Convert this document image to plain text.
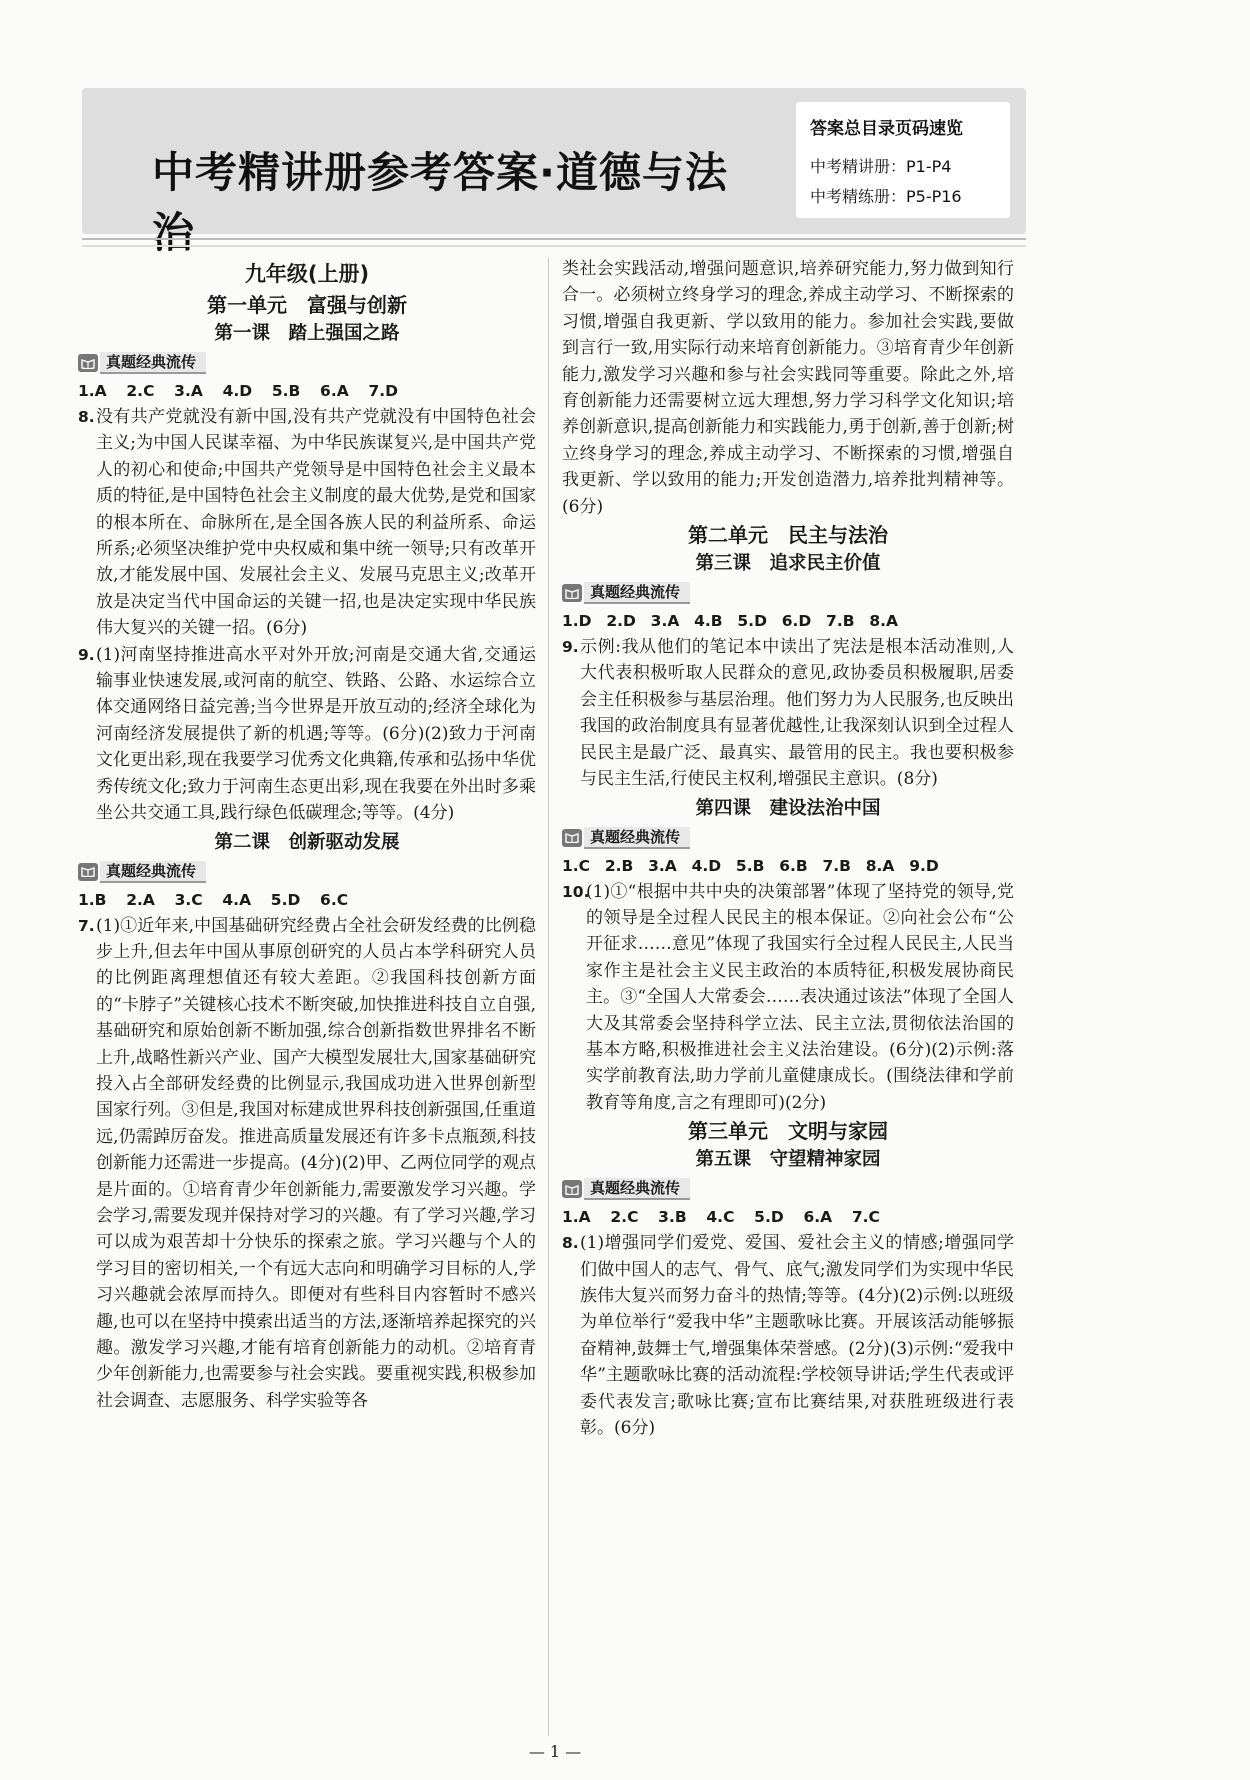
中考精讲册参考答案·道德与法治
答案总目录页码速览
中考精讲册：P1-P4
中考精练册：P5-P16
九年级(上册)
第一单元　富强与创新
第一课　踏上强国之路
真题经典流传

1.A 2.C 3.A 4.D 5.B 6.A 7.D

8. 没有共产党就没有新中国,没有共产党就没有中国特色社会主义;为中国人民谋幸福、为中华民族谋复兴,是中国共产党人的初心和使命;中国共产党领导是中国特色社会主义最本质的特征,是中国特色社会主义制度的最大优势,是党和国家的根本所在、命脉所在,是全国各族人民的利益所系、命运所系;必须坚决维护党中央权威和集中统一领导;只有改革开放,才能发展中国、发展社会主义、发展马克思主义;改革开放是决定当代中国命运的关键一招,也是决定实现中华民族伟大复兴的关键一招。(6分)

9. (1)河南坚持推进高水平对外开放;河南是交通大省,交通运输事业快速发展,或河南的航空、铁路、公路、水运综合立体交通网络日益完善;当今世界是开放互动的;经济全球化为河南经济发展提供了新的机遇;等等。(6分)(2)致力于河南文化更出彩,现在我要学习优秀文化典籍,传承和弘扬中华优秀传统文化;致力于河南生态更出彩,现在我要在外出时多乘坐公共交通工具,践行绿色低碳理念;等等。(4分)

第二课　创新驱动发展
真题经典流传

1.B 2.A 3.C 4.A 5.D 6.C

7. (1)①近年来,中国基础研究经费占全社会研发经费的比例稳步上升,但去年中国从事原创研究的人员占本学科研究人员的比例距离理想值还有较大差距。②我国科技创新方面的“卡脖子”关键核心技术不断突破,加快推进科技自立自强,基础研究和原始创新不断加强,综合创新指数世界排名不断上升,战略性新兴产业、国产大模型发展壮大,国家基础研究投入占全部研发经费的比例显示,我国成功进入世界创新型国家行列。③但是,我国对标建成世界科技创新强国,任重道远,仍需踔厉奋发。推进高质量发展还有许多卡点瓶颈,科技创新能力还需进一步提高。(4分)(2)甲、乙两位同学的观点是片面的。①培育青少年创新能力,需要激发学习兴趣。学会学习,需要发现并保持对学习的兴趣。有了学习兴趣,学习可以成为艰苦却十分快乐的探索之旅。学习兴趣与个人的学习目的密切相关,一个有远大志向和明确学习目标的人,学习兴趣就会浓厚而持久。即便对有些科目内容暂时不感兴趣,也可以在坚持中摸索出适当的方法,逐渐培养起探究的兴趣。激发学习兴趣,才能有培育创新能力的动机。②培育青少年创新能力,也需要参与社会实践。要重视实践,积极参加社会调查、志愿服务、科学实验等各

类社会实践活动,增强问题意识,培养研究能力,努力做到知行合一。必须树立终身学习的理念,养成主动学习、不断探索的习惯,增强自我更新、学以致用的能力。参加社会实践,要做到言行一致,用实际行动来培育创新能力。③培育青少年创新能力,激发学习兴趣和参与社会实践同等重要。除此之外,培育创新能力还需要树立远大理想,努力学习科学文化知识;培养创新意识,提高创新能力和实践能力,勇于创新,善于创新;树立终身学习的理念,养成主动学习、不断探索的习惯,增强自我更新、学以致用的能力;开发创造潜力,培养批判精神等。(6分)

第二单元　民主与法治
第三课　追求民主价值
真题经典流传

1.D 2.D 3.A 4.B 5.D 6.D 7.B 8.A

9. 示例:我从他们的笔记本中读出了宪法是根本活动准则,人大代表积极听取人民群众的意见,政协委员积极履职,居委会主任积极参与基层治理。他们努力为人民服务,也反映出我国的政治制度具有显著优越性,让我深刻认识到全过程人民民主是最广泛、最真实、最管用的民主。我也要积极参与民主生活,行使民主权利,增强民主意识。(8分)

第四课　建设法治中国
真题经典流传

1.C 2.B 3.A 4.D 5.B 6.B 7.B 8.A 9.D

10.
(1)①“根据中共中央的决策部署”体现了坚持党的领导,党的领导是全过程人民民主的根本保证。②向社会公布“公开征求……意见”体现了我国实行全过程人民民主,人民当家作主是社会主义民主政治的本质特征,积极发展协商民主。③“全国人大常委会……表决通过该法”体现了全国人大及其常委会坚持科学立法、民主立法,贯彻依法治国的基本方略,积极推进社会主义法治建设。(6分)(2)示例:落实学前教育法,助力学前儿童健康成长。(围绕法律和学前教育等角度,言之有理即可)(2分)

第三单元　文明与家园
第五课　守望精神家园
真题经典流传

1.A 2.C 3.B 4.C 5.D 6.A 7.C

8. (1)增强同学们爱党、爱国、爱社会主义的情感;增强同学们做中国人的志气、骨气、底气;激发同学们为实现中华民族伟大复兴而努力奋斗的热情;等等。(4分)(2)示例:以班级为单位举行“爱我中华”主题歌咏比赛。开展该活动能够振奋精神,鼓舞士气,增强集体荣誉感。(2分)(3)示例:“爱我中华”主题歌咏比赛的活动流程:学校领导讲话;学生代表或评委代表发言;歌咏比赛;宣布比赛结果,对获胜班级进行表彰。(6分)

— 1 —
